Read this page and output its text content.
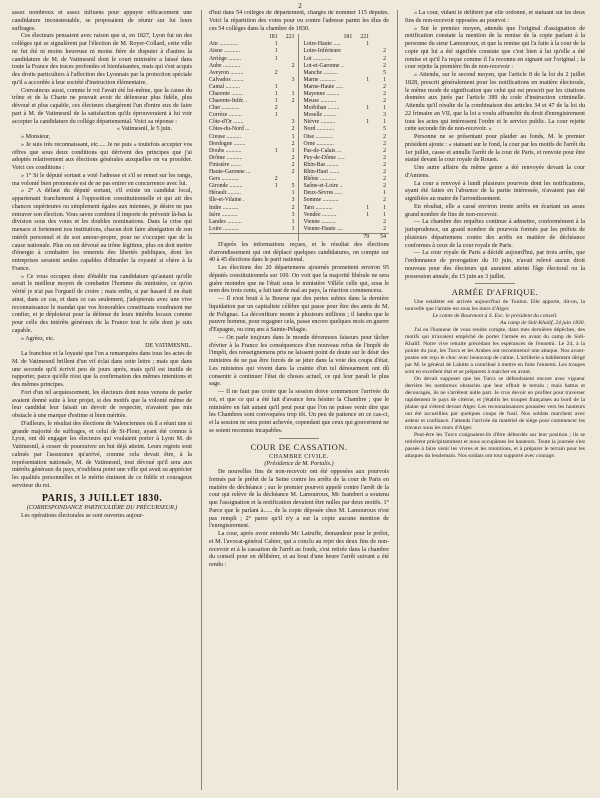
2

assez nombreux et assez influens pour appuyer efficacement une candidature inconstestable, se proposaient de réunir sur lui leurs suffrages.

Ces électeurs pensaient avec raison que si, en 1827, Lyon fut un des colléges qui se signalèrent par l'élection de M. Royer-Collard, cette ville ne fut été ni moins heureuse ni moins fière de disputer à d'autres la candidature de M. de Vatimesnil dont le court ministère a laissé dans toute la France des traces profondes et bienfaisantes, mais qui s'est acquis des droits particuliers à l'affection des Lyonnais par la protection spéciale qu'il a accordée à leur société d'instruction élémentaire.

Convaincus aussi, comme le roi l'avait été lui-même, que la cause du trône et de la Charte ne pouvait avoir de défenseur plus fidèle, plus dévoué et plus capable, ces électeurs chargèrent l'un d'entre eux de faire part à M. de Vatimesnil de la satisfaction qu'ils éprouveraient à lui voir accepter la candidature du collége départemental. Voici sa réponse :

« Vatimesnil, le 5 juin.

» Monsieur,

» Je suis très reconnaissant, etc..... Je ne puis » toutefois accepter vos offres que sous deux conditions qui dérivent des principes que j'ai adoptés relativement aux élections générales auxquelles on va procéder. Voici ces conditions :

» 1° Si le député sortant a voté l'adresse et s'il se remet sur les rangs, ma volonté bien prononcée est de ne pas entrer en concurrence avec lui.

» 2° A défaut du député sortant, s'il existe un candidat local, appartenant franchement à l'opposition constitutionnelle et qui ait des chances supérieures ou simplement égales aux miennes, je désire ne pas entraver son élection. Vous savez combien il importe de prévenir là-bas la division sous des votes et les doubles nominations. Dans la crise qui menace si fortement nos institutions, chacun doit faire abnégation de son intérêt personnel et de son amour-propre, pour ne s'occuper que de la cause nationale. Plus on est dévoué au trône légitime, plus on doit mettre d'énergie à combattre les ennemis des libertés publiques, dont les entreprises seraient seules capables d'ébranler la royauté si chère à la France.

» Ce vous occupez donc d'établir ma candidature qu'autant qu'elle serait le meilleur moyen de combattre l'homme du ministère, ce qu'en vérité je n'ai pas l'orgueil de croire ; mais enfin, si par hasard il en était ainsi, dans ce cas, et dans ce cas seulement, j'adopterais avec une vive reconnaissance le mandat que vos honorables constituans voudraient me confier, et je déploierai pour la défense de leurs intérêts locaux comme pour celle des intérêts généraux de la France tout le zèle dont je suis capable.

» Agréez, etc.

DE VATIMESNIL.

La franchise et la loyauté que l'on a remarquées dans tous les actes de M. de Vatimesnil brillent d'un vif éclat dans cette lettre ; mais que dans une seconde qu'il écrivit peu de jours après, mais qu'il est inutile de rapporter, parce qu'elle n'est que la confirmation des mêmes intentions et des mêmes principes.

Fort d'un tel acquiescement, les électeurs dont nous venons de parler avaient donné suite à leur projet, si des motifs que la volonté même de leur candidat leur faisait un devoir de respecter, n'avaient pas mis obstacle à une marque d'estime si bien méritée.

D'ailleurs, le résultat des élections de Valenciennes où il a réuni une si grande majorité de suffrages, et celui de St-Flour, ayant été connus à Lyon, ont dû engager les électeurs qui voulaient porter à Lyon M. de Vatimesnil, à cesser de poursuivre un but déjà atteint. Leurs regrets sont calmés par l'assurance qu'arrivé, comme cela devait être, à la représentation nationale, M. de Vatimesnil, tout dévoué qu'il sera aux intérêts généraux du pays, n'oubliera point une ville qui avait su apprécier les qualités personnelles et le mérite éminent de ce fidèle et courageux serviteur du roi.

PARIS, 3 JUILLET 1830.
(CORRESPONDANCE PARTICULIÈRE DU PRÉCURSEUR.)

Les opérations électorales se sont ouvertes aujour-

d'hui dans 54 colléges de département, chargés de nommer 115 députés. Voici la répartition des votes pour ou contre l'adresse parmi les élus de ces 54 colléges dans la chambre de 1830.

	181	221		181	221	
Ain .............	1			Loire-Haute .....	1	
Aisne ...........	1			Loire-Inférieure		2
Arriège .........	1			Lot .............		2
Aube ............		2		Lot-et-Garonne ..		2
Aveyron .........	2			Manche ..........		5
Calvados ........		3		Marne ...........	1	1
Cantal ..........	1			Marne-Haute .....		2
Charente ........	1	1		Mayenne .........		2
Charente-Infér. .	1	2		Meuse ...........		2
Cher ............	2			Morbihan ........	1	1
Corrèze .........	1			Moselle .........		3
Côte-d'Or .......		3		Nièvre ..........	1	1
Côtes-du-Nord ...		2		Nord ............		5
Creuse ..........		1		Oise ............		2
Dordogne ........		2		Orne ............		2
Doubs ...........	1	1		Pas-de-Calais ...		2
Drôme ...........		2		Puy-de-Dôme .....		2
Finistère .......		2		Rhin-Bas ........		2
Haute-Garonne ...		2		Rhin-Haut .......		2
Gers ............	2			Rhône ...........		2
Gironde .........	1	5		Saône-et-Loire ..		2
Hérault .........		1		Deux-Sèvres .....		1
Ille-et-Vilaine .		3		Somme ...........		2
Indre ...........		2		Tarn ............	1	1
Isère ...........		3		Vendée ..........	1	1
Landes ..........		1		Vienne ..........		2
Loire ...........		1		Vienne-Haute ....		2
					79	54

D'après les informations reçues, et le résultat des élections d'arrondissement qui ont déplacé quelques candidatures, on compte sur 40 à 45 élections dans le parti national.

Les élections des 20 départemens ajournés promettent environ 95 députés constitutionnels sur 100. On voit que la majorité libérale ne sera guère moindre que ne l'était sous le ministère Villèle celle qui, sous le nom des trois cents, a fait tant de mal au pays, la réaction commencera.

— Il n'est bruit à la Bourse que des pertes subies dans la dernière liquidation par un capitaliste célèbre qui passe pour être des amis de M. de Polignac. La déconfiture monte à plusieurs millions ; il fandra que le pauvre homme, pour regagner cela, passe encore quelques mois en guerre d'Espagne, ou cinq ans à Sainte-Pélagie.

— On parle toujours dans le monde dévennoes faiseurs pour tâcher d'éviter à la France les conséquences d'un nouveau refus de l'impôt de l'impôt, des renseignemens pris ne laissent point de doute sur le désir des ministres de ne pas être forcés de se jeter dans la voie des coups d'état. Les ministres qui vivent dans la crainte d'un tel dénouement ont dû consentir à continuer l'état de choses actuel, ce qui leur paraît le plus sage.

— Il ne faut pas croire que la session doive commencer l'arrivée du roi, et que ce qui a été fait d'avance fera hésiter la Chambre ; que le ministère en fait autant qu'il peut pour que l'on ne puisse venir dire que les Chambres sont convoquées trop tôt. Un peu de patience en ce cas-ci, et la session ne sera point achevée, cependant que ceux qui gouvernent ne se soient reconnus incapables.

COUR DE CASSATION.
CHAMBRE CIVILE.
(Présidence de M. Portalis.)

De nouvelles fins de non-recevoir ont été opposées aux pourvois formés par le préfet de la Seine contre les arrêts de la cour de Paris en matière de déchéance ; sur le premier pourvoi appelé contre l'arrêt de la cour qui relève de la déchéance M. Lamouroux, Mc Isambert a soutenu que l'assignation et la notification devaient être nulles par deux motifs. 1° Parce que le parlant à...... de la copie déposée chez M. Lamouroux n'est pas rempli ; 2° parce qu'il n'y a sur la copie aucune mention de l'enregistrement.

La cour, après avoir entendu Mc Latruffe, demandeur pour le préfet, et M. l'avocat-général Cahier, qui a conclu au rejet des deux fins de non-recevoir et à la cassation de l'arrêt au fonds, s'est retirée dans la chambre du conseil pour en délibérer, et au bout d'une heure l'arrêt suivant a été rendu :

« La cour, vidant le délibéré par elle ordonné, et statuant sur les deux fins de non-recevoir opposées au pourvoi :

» Sur le premier moyen, attendu que l'original d'assignation de notification constate la mention de la remise de la copie parlant à la personne du sieur Lamouroux, et que la remise qui l'a faite à la cour de la copie qui lui a été signifiée constate que c'est bien à lui qu'elle a été remise et qu'il l'a reçue comme il l'a reconnu en signant sur l'original ; la cour rejette la première fin de non-recevoir :

» Attendu, sur le second moyen, que l'article 8 de la loi du 2 juillet 1828, prescrit généralement pour les notifications en matière électorale, le même mode de signification que celui qui est prescrit par les citations données aux jurés par l'article 389 du code d'instruction criminelle. Attendu qu'il résulte de la combinaison des articles 34 et 47 de la loi du 22 frimaire an VII, que la loi a voulu affranchir du droit d'enregistrement tous les actes qui intéressent l'ordre et le service public. La cour rejette cette seconde fin de non-recevoir. »

Personne ne se présentant pour plaider au fonds, M. le premier président ajoute : « statuant sur le fond, la cour par les motifs de l'arrêt du 1er juillet, casse et annulle l'arrêt de la cour de Paris, et renvoie pour être statué devant la cour royale de Rouen.

Une autre affaire du même genre a été renvoyée devant la cour d'Amiens.

La cour a renvoyé à lundi plusieurs pourvois dont les notifications, ayant été faites en l'absence de la partie intéressée, n'avaient pas été signifiées au maire de l'arrondissement.

En résultat, elle a cassé environ trente arrêts en écartant un assez grand nombre de fins de non-recevoir.

— La chambre des requêtes continue à admettre, conformément à la jurisprudence, un grand nombre de pourvois formés par les préfets de plusieurs départemens contre des arrêts en matière de déchéance conformes à ceux de la cour royale de Paris.

— La cour royale de Paris a décidé aujourd'hui, par trois arrêts, que l'ordonnance de prorogation du 10 juin, n'avait relevé aucun droit nouveau pour des électeurs qui auraient atteint l'âge électoral ou la possession annale, du 15 juin au 3 juillet.

ARMÉE D'AFRIQUE.

Une estafette est arrivée aujourd'hui de Toulon. Elle apporte, dit-on, la nouvelle que l'armée est sous les murs d'Alger.

Le comte de Bourmont à S. Exc. le président du conseil.
Au camp de Sidi-Khalif, 24 juin 1830.

J'ai eu l'honneur de vous rendre compte, dans mes dernières dépêches, des motifs qui m'avaient empêché de porter l'armée en avant du camp de Sidi-Khalif. Notre vive retraite précédant les espérances de l'ennemi. Le 24, à la pointe du jour, les Turcs et les Arabes ont recommencé une attaque. Nos avant-postes ont reçu le choc avec beaucoup de calme. L'artillerie a habilement dirigé par M. le général de Lahitte a contribué à mettre en fuite l'ennemi. Les troupes sont en excellent état et se préparent à marcher en avant.

On devait supposer que les Turcs se défendraient encore avec vigueur derrière les nombreux obstacles que leur offrait le terrain ; mais battus et découragés, ils ne s'arrêtent nulle part. Je crus devoir en profiter pour traverser rapidement le pays de citerne, et j'établis les troupes françaises au bord de la plaine qui s'étend devant Alger. Les reconnaissances poussées vers les hauteurs ont été accueillies par quelques coups de fusil. Nos soldats marchent avec ardeur et confiance. J'attends l'arrivée du matériel de siége pour commencer les travaux sous les murs d'Alger.

Peut-être les Turcs craignaient-ils d'être débordés sur leur position ; ils se retirèrent précipitamment et nous occupâmes les hauteurs. Toute la journée s'est passée à faire venir les vivres et les munitions, et à préparer le terrain pour les attaques du lendemain. Nos soldats ont tout supporté avec courage.
